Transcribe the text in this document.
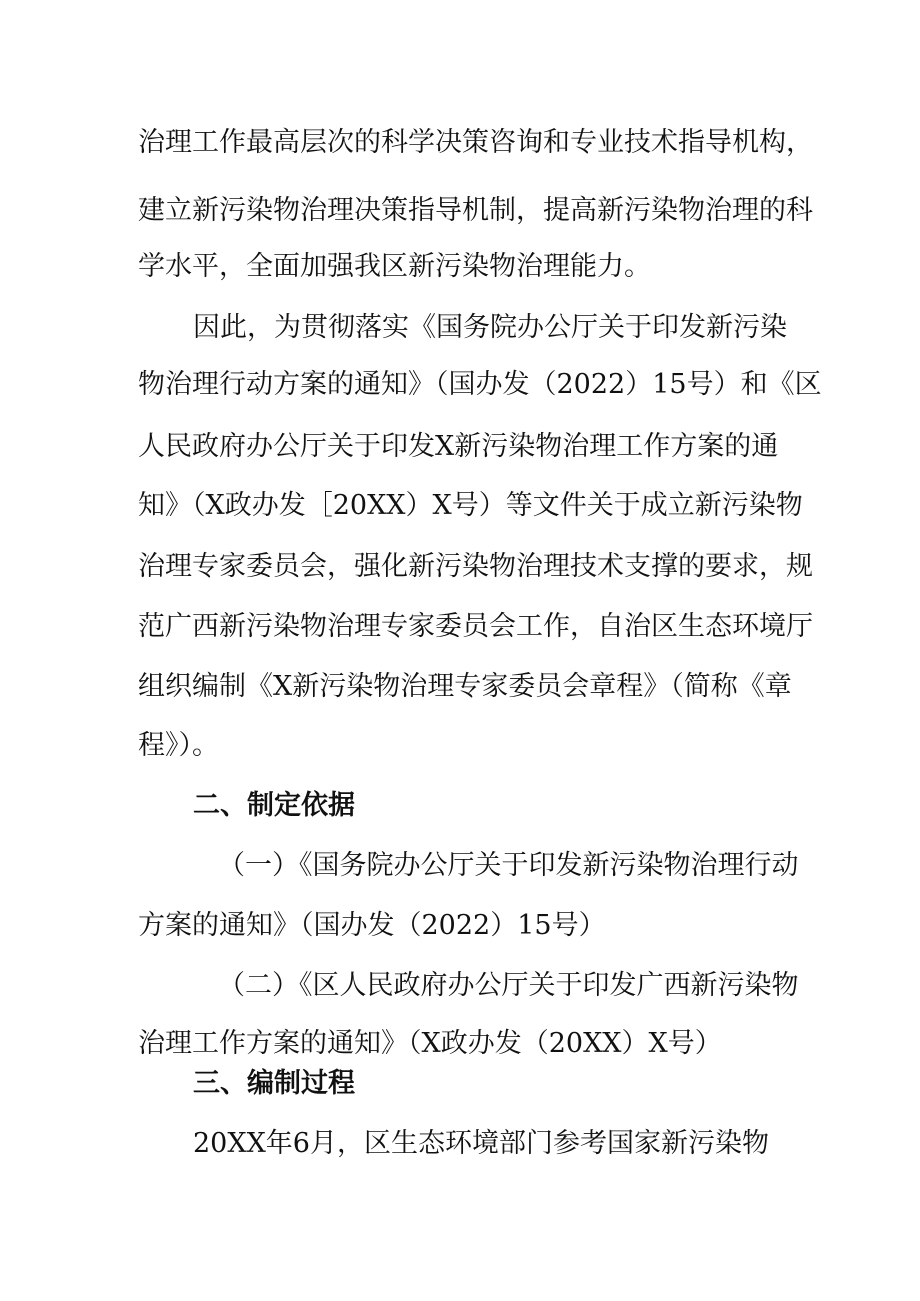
治理工作最高层次的科学决策咨询和专业技术指导机构，
建立新污染物治理决策指导机制，提高新污染物治理的科
学水平，全面加强我区新污染物治理能力。
因此，为贯彻落实《国务院办公厅关于印发新污染
物治理行动方案的通知》（国办发（2022）15号）和《区
人民政府办公厅关于印发X新污染物治理工作方案的通
知》（X政办发［20XX）X号）等文件关于成立新污染物
治理专家委员会，强化新污染物治理技术支撑的要求，规
范广西新污染物治理专家委员会工作，自治区生态环境厅
组织编制《X新污染物治理专家委员会章程》（简称《章
程》）。
二、制定依据
（一）《国务院办公厅关于印发新污染物治理行动
方案的通知》（国办发（2022）15号）
（二）《区人民政府办公厅关于印发广西新污染物
治理工作方案的通知》（X政办发（20XX）X号）
三、编制过程
20XX年6月，区生态环境部门参考国家新污染物
